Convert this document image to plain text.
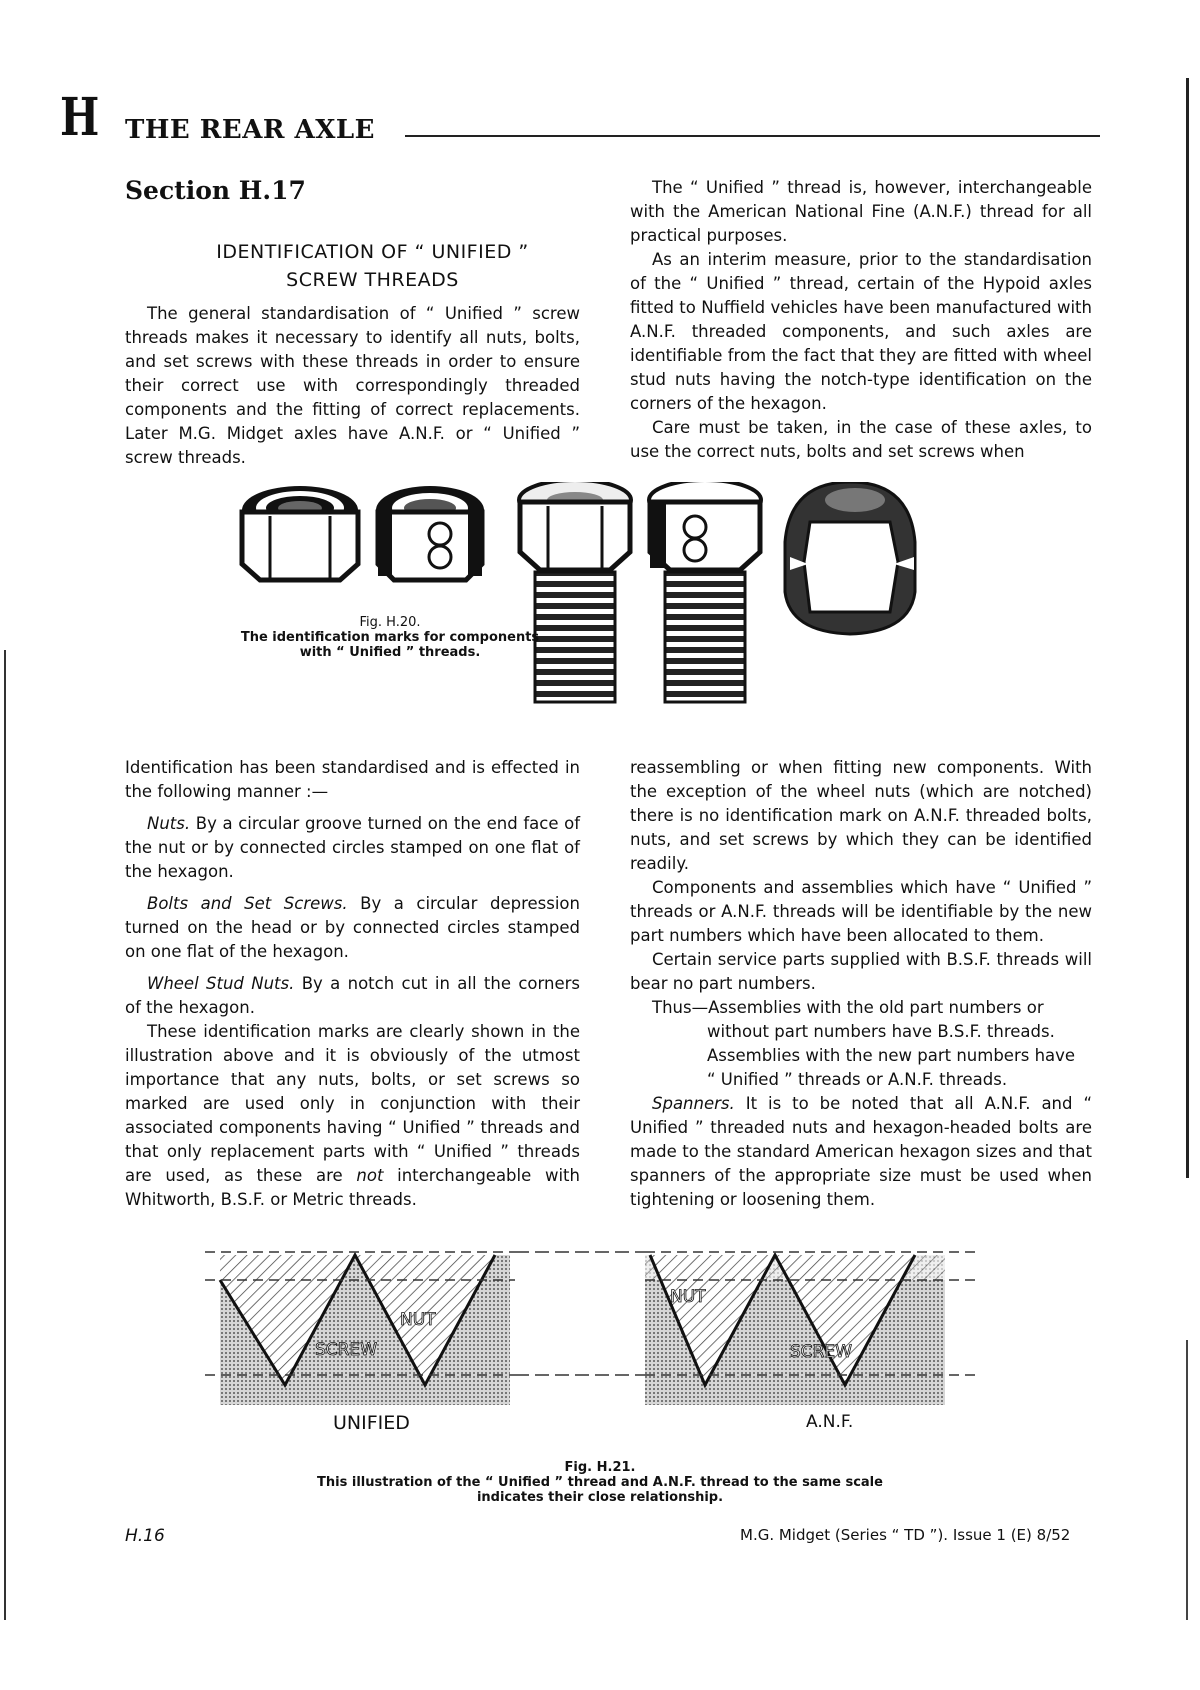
H THE REAR AXLE
Section H.17
IDENTIFICATION OF “ UNIFIED ”
SCREW THREADS

The general standardisation of “ Unified ” screw threads makes it necessary to identify all nuts, bolts, and set screws with these threads in order to ensure their correct use with correspondingly threaded components and the fitting of correct replacements. Later M.G. Midget axles have A.N.F. or “ Unified ” screw threads.

The “ Unified ” thread is, however, interchangeable with the American National Fine (A.N.F.) thread for all practical purposes.

As an interim measure, prior to the standardisation of the “ Unified ” thread, certain of the Hypoid axles fitted to Nuffield vehicles have been manufactured with A.N.F. threaded components, and such axles are identifiable from the fact that they are fitted with wheel stud nuts having the notch-type identification on the corners of the hexagon.

Care must be taken, in the case of these axles, to use the correct nuts, bolts and set screws when

Fig. H.20.
The identification marks for components with “ Unified ” threads.

Identification has been standardised and is effected in the following manner :—

Nuts. By a circular groove turned on the end face of the nut or by connected circles stamped on one flat of the hexagon.

Bolts and Set Screws. By a circular depression turned on the head or by connected circles stamped on one flat of the hexagon.

Wheel Stud Nuts. By a notch cut in all the corners of the hexagon.

These identification marks are clearly shown in the illustration above and it is obviously of the utmost importance that any nuts, bolts, or set screws so marked are used only in conjunction with their associated components having “ Unified ” threads and that only replacement parts with “ Unified ” threads are used, as these are not interchangeable with Whitworth, B.S.F. or Metric threads.

reassembling or when fitting new components. With the exception of the wheel nuts (which are notched) there is no identification mark on A.N.F. threaded bolts, nuts, and set screws by which they can be identified readily.

Components and assemblies which have “ Unified ” threads or A.N.F. threads will be identifiable by the new part numbers which have been allocated to them.

Certain service parts supplied with B.S.F. threads will bear no part numbers.

Thus—Assemblies with the old part numbers or

without part numbers have B.S.F. threads.

Assemblies with the new part numbers have

“ Unified ” threads or A.N.F. threads.

Spanners. It is to be noted that all A.N.F. and “ Unified ” threaded nuts and hexagon-headed bolts are made to the standard American hexagon sizes and that spanners of the appropriate size must be used when tightening or loosening them.

NUT
SCREW
NUT
SCREW
UNIFIED	A.N.F.
Fig. H.21.
This illustration of the “ Unified ” thread and A.N.F. thread to the same scale indicates their close relationship.
H.16	M.G. Midget (Series “ TD ”). Issue 1 (E) 8/52
